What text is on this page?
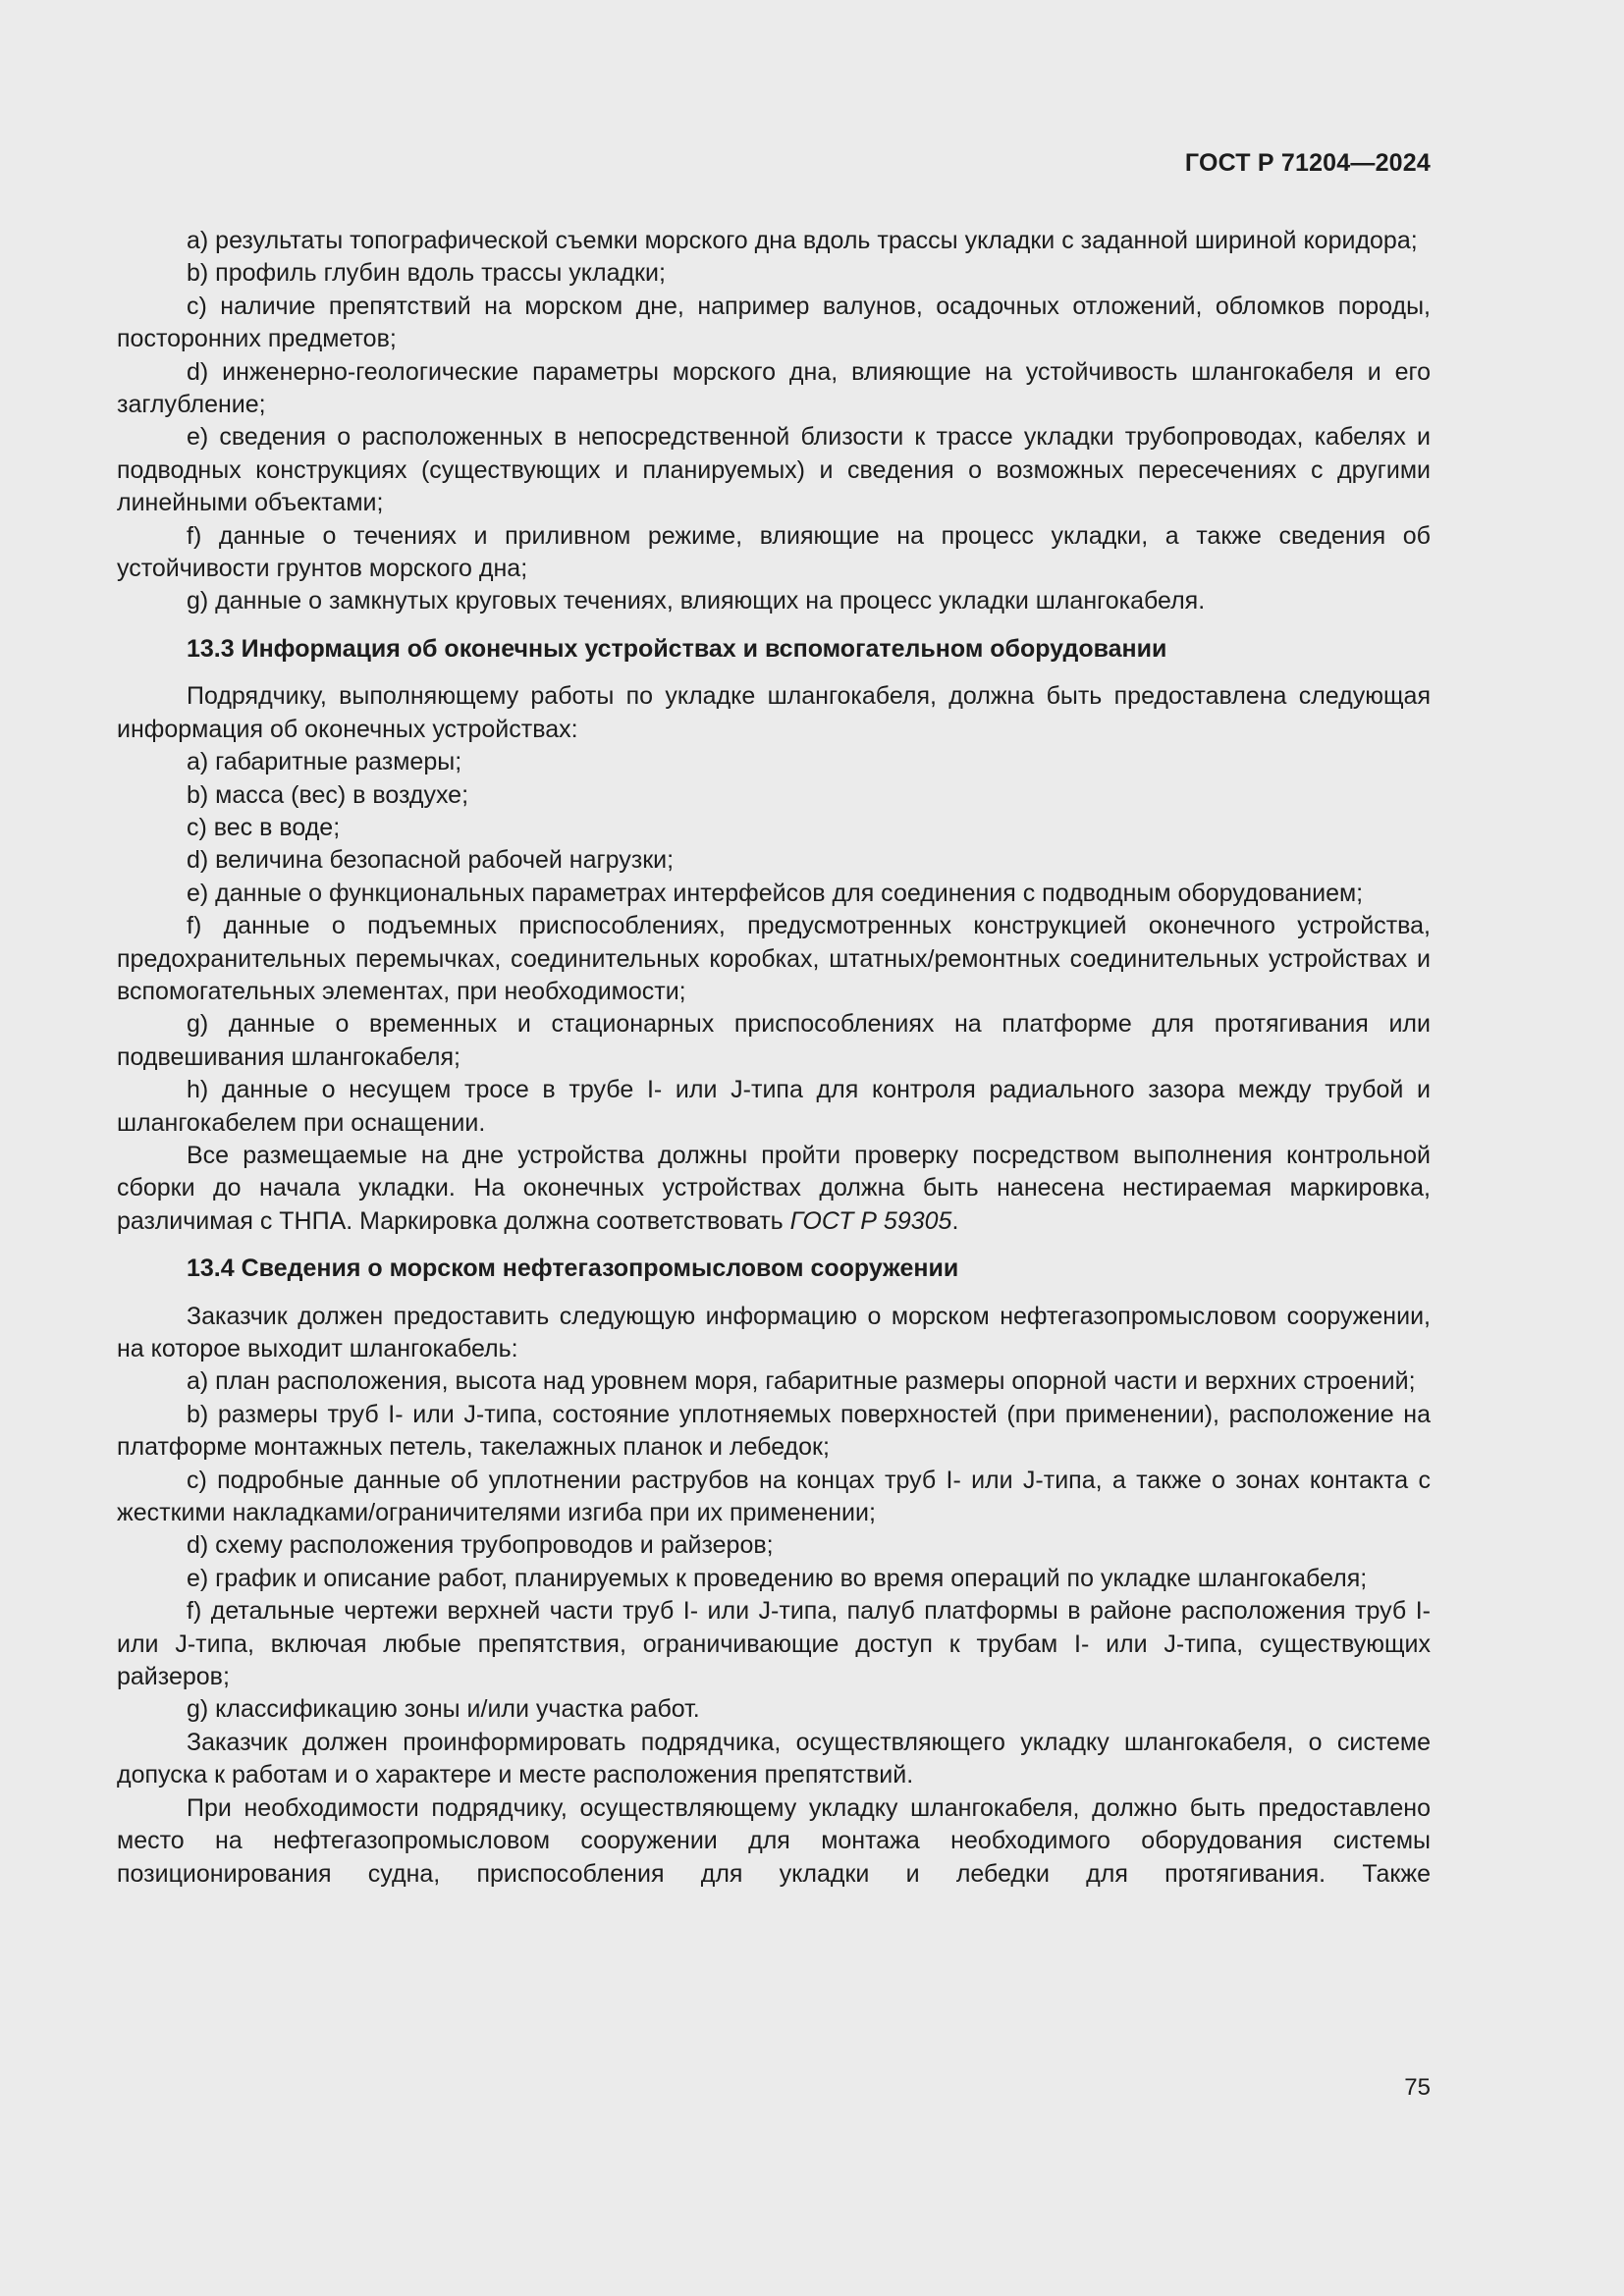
ГОСТ Р 71204—2024

a) результаты топографической съемки морского дна вдоль трассы укладки с заданной шириной коридора;

b) профиль глубин вдоль трассы укладки;

с) наличие препятствий на морском дне, например валунов, осадочных отложений, обломков породы, посторонних предметов;

d) инженерно-геологические параметры морского дна, влияющие на устойчивость шлангокабеля и его заглубление;

е) сведения о расположенных в непосредственной близости к трассе укладки трубопроводах, кабелях и подводных конструкциях (существующих и планируемых) и сведения о возможных пересечениях с другими линейными объектами;

f) данные о течениях и приливном режиме, влияющие на процесс укладки, а также сведения об устойчивости грунтов морского дна;

g) данные о замкнутых круговых течениях, влияющих на процесс укладки шлангокабеля.

13.3 Информация об оконечных устройствах и вспомогательном оборудовании

Подрядчику, выполняющему работы по укладке шлангокабеля, должна быть предоставлена следующая информация об оконечных устройствах:

а) габаритные размеры;

b) масса (вес) в воздухе;

с) вес в воде;

d) величина безопасной рабочей нагрузки;

е) данные о функциональных параметрах интерфейсов для соединения с подводным оборудованием;

f) данные о подъемных приспособлениях, предусмотренных конструкцией оконечного устройства, предохранительных перемычках, соединительных коробках, штатных/ремонтных соединительных устройствах и вспомогательных элементах, при необходимости;

g) данные о временных и стационарных приспособлениях на платформе для протягивания или подвешивания шлангокабеля;

h) данные о несущем тросе в трубе I- или J-типа для контроля радиального зазора между трубой и шлангокабелем при оснащении.

Все размещаемые на дне устройства должны пройти проверку посредством выполнения контрольной сборки до начала укладки. На оконечных устройствах должна быть нанесена нестираемая маркировка, различимая с ТНПА. Маркировка должна соответствовать ГОСТ Р 59305.

13.4 Сведения о морском нефтегазопромысловом сооружении

Заказчик должен предоставить следующую информацию о морском нефтегазопромысловом сооружении, на которое выходит шлангокабель:

а) план расположения, высота над уровнем моря, габаритные размеры опорной части и верхних строений;

b) размеры труб I- или J-типа, состояние уплотняемых поверхностей (при применении), расположение на платформе монтажных петель, такелажных планок и лебедок;

с) подробные данные об уплотнении раструбов на концах труб I- или J-типа, а также о зонах контакта с жесткими накладками/ограничителями изгиба при их применении;

d) схему расположения трубопроводов и райзеров;

е) график и описание работ, планируемых к проведению во время операций по укладке шлангокабеля;

f) детальные чертежи верхней части труб I- или J-типа, палуб платформы в районе расположения труб I- или J-типа, включая любые препятствия, ограничивающие доступ к трубам I- или J-типа, существующих райзеров;

g) классификацию зоны и/или участка работ.

Заказчик должен проинформировать подрядчика, осуществляющего укладку шлангокабеля, о системе допуска к работам и о характере и месте расположения препятствий.

При необходимости подрядчику, осуществляющему укладку шлангокабеля, должно быть предоставлено место на нефтегазопромысловом сооружении для монтажа необходимого оборудования системы позиционирования судна, приспособления для укладки и лебедки для протягивания. Также

75
